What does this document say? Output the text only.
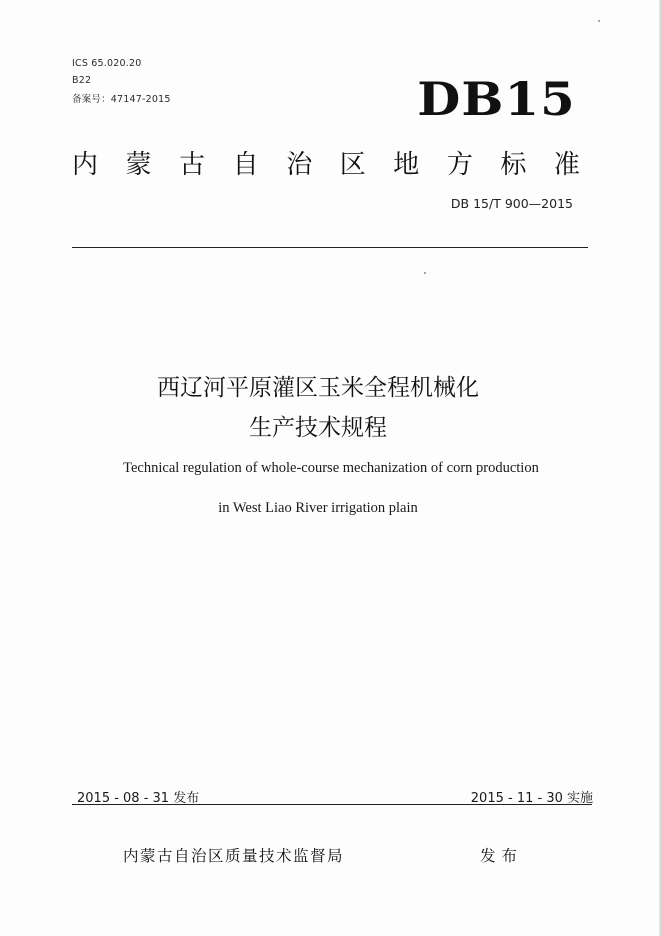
ICS 65.020.20
B22
备案号：47147-2015	DB15
内 蒙 古 自 治 区 地 方 标 准
DB 15/T 900—2015
西辽河平原灌区玉米全程机械化
生产技术规程
Technical regulation of whole-course mechanization of corn production
in West Liao River irrigation plain
2015 - 08 - 31 发布	2015 - 11 - 30 实施
内蒙古自治区质量技术监督局	发布
